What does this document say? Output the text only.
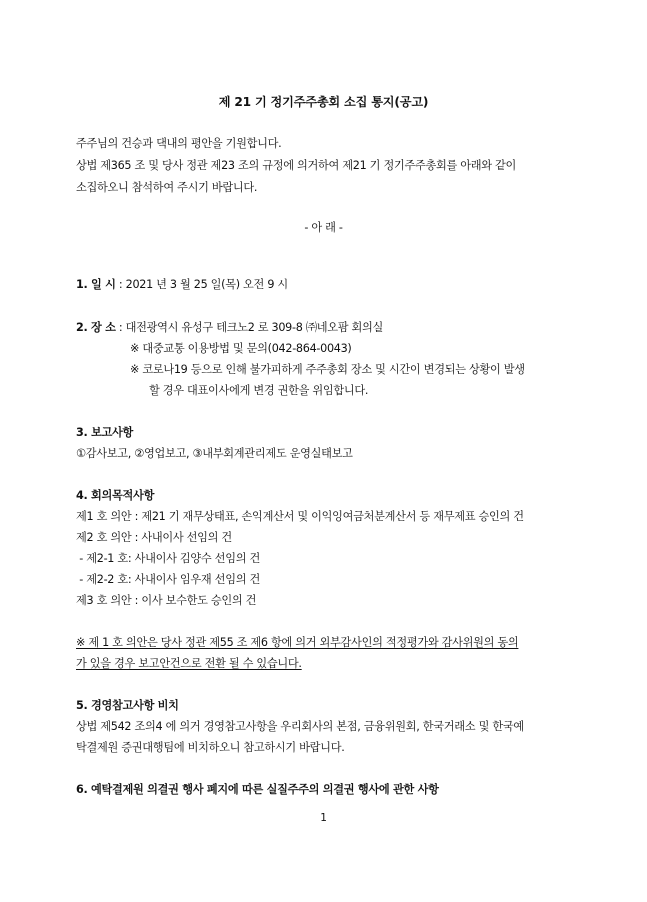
제 21 기 정기주주총회 소집 통지(공고)
주주님의 건승과 댁내의 평안을 기원합니다.
상법 제365 조 및 당사 정관 제23 조의 규정에 의거하여 제21 기 정기주주총회를 아래와 같이
소집하오니 참석하여 주시기 바랍니다.
- 아 래 -
1. 일 시 : 2021 년 3 월 25 일(목) 오전 9 시
2. 장 소 : 대전광역시 유성구 테크노2 로 309-8 ㈜네오팜 회의실
※ 대중교통 이용방법 및 문의(042-864-0043)
※ 코로나19 등으로 인해 불가피하게 주주총회 장소 및 시간이 변경되는 상황이 발생
할 경우 대표이사에게 변경 권한을 위임합니다.
3. 보고사항
①감사보고, ②영업보고, ③내부회계관리제도 운영실태보고
4. 회의목적사항
제1 호 의안 : 제21 기 재무상태표, 손익계산서 및 이익잉여금처분계산서 등 재무제표 승인의 건
제2 호 의안 : 사내이사 선임의 건
- 제2-1 호: 사내이사 김양수 선임의 건
- 제2-2 호: 사내이사 임우재 선임의 건
제3 호 의안 : 이사 보수한도 승인의 건
※ 제 1 호 의안은 당사 정관 제55 조 제6 항에 의거 외부감사인의 적정평가와 감사위원의 동의
가 있을 경우 보고안건으로 전환 될 수 있습니다.
5. 경영참고사항 비치
상법 제542 조의4 에 의거 경영참고사항을 우리회사의 본점, 금융위원회, 한국거래소 및 한국예
탁결제원 증권대행팀에 비치하오니 참고하시기 바랍니다.
6. 예탁결제원 의결권 행사 폐지에 따른 실질주주의 의결권 행사에 관한 사항
1
